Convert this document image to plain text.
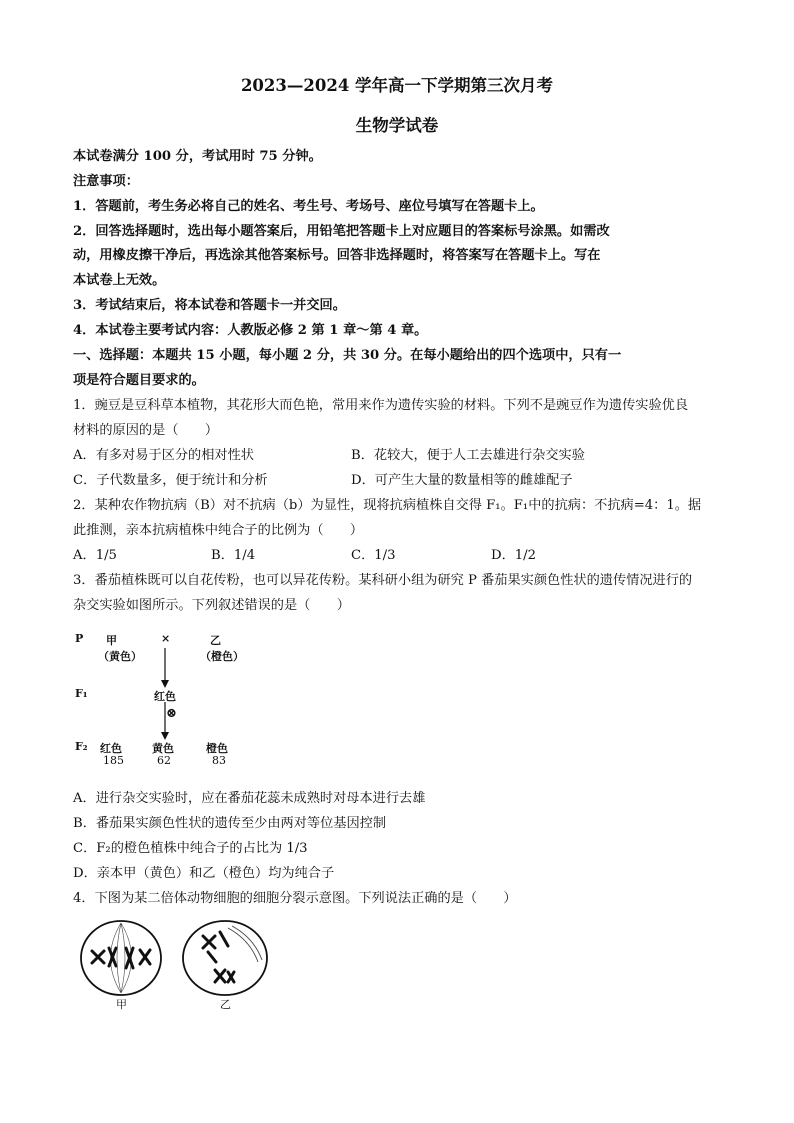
2023—2024 学年高一下学期第三次月考
生物学试卷
本试卷满分 100 分，考试用时 75 分钟。
注意事项：
1．答题前，考生务必将自己的姓名、考生号、考场号、座位号填写在答题卡上。
2．回答选择题时，选出每小题答案后，用铅笔把答题卡上对应题目的答案标号涂黑。如需改
动，用橡皮擦干净后，再选涂其他答案标号。回答非选择题时，将答案写在答题卡上。写在
本试卷上无效。
3．考试结束后，将本试卷和答题卡一并交回。
4．本试卷主要考试内容：人教版必修 2 第 1 章～第 4 章。
一、选择题：本题共 15 小题，每小题 2 分，共 30 分。在每小题给出的四个选项中，只有一
项是符合题目要求的。
1．豌豆是豆科草本植物，其花形大而色艳，常用来作为遗传实验的材料。下列不是豌豆作为遗传实验优良
材料的原因的是（　　）
A．有多对易于区分的相对性状	B．花较大，便于人工去雄进行杂交实验
C．子代数量多，便于统计和分析	D．可产生大量的数量相等的雌雄配子
2．某种农作物抗病（B）对不抗病（b）为显性，现将抗病植株自交得 F₁。F₁中的抗病：不抗病=4：1。据
此推测，亲本抗病植株中纯合子的比例为（　　）
A．1/5	B．1/4	C．1/3	D．1/2
3．番茄植株既可以自花传粉，也可以异花传粉。某科研小组为研究 P 番茄果实颜色性状的遗传情况进行的
杂交实验如图所示。下列叙述错误的是（　　）
P 甲
（黄色）
×	乙
（橙色）
F₁	红色
⊗
F₂ 红色
185
黄色
62
橙色
83
A．进行杂交实验时，应在番茄花蕊未成熟时对母本进行去雄
B．番茄果实颜色性状的遗传至少由两对等位基因控制
C．F₂的橙色植株中纯合子的占比为 1/3
D．亲本甲（黄色）和乙（橙色）均为纯合子
4．下图为某二倍体动物细胞的细胞分裂示意图。下列说法正确的是（　　）
甲	乙
